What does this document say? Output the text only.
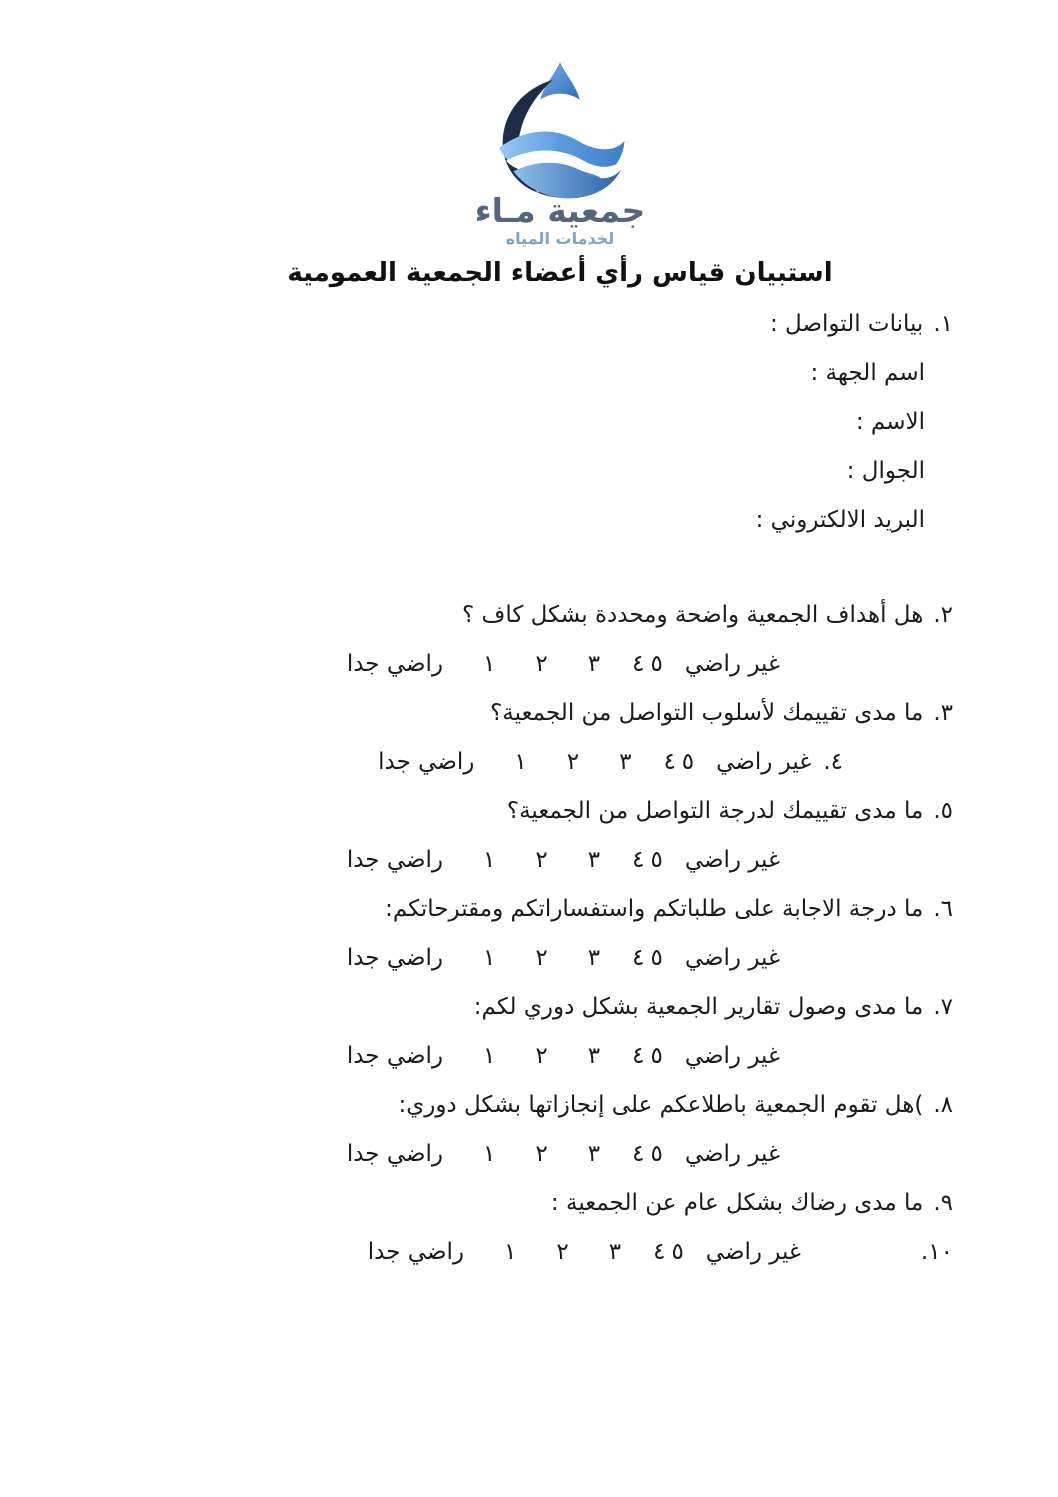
جمعية مـاء
لخدمات المياه
استبيان قياس رأي أعضاء الجمعية العمومية
١.بيانات التواصل :
اسم الجهة :
الاسم :
الجوال :
البريد الالكتروني :
٢.هل أهداف الجمعية واضحة ومحددة بشكل كاف ؟
غير راضي١ ٢ ٣ ٤ ٥راضي جدا
٣.ما مدى تقييمك لأسلوب التواصل من الجمعية؟
٤.غير راضي١ ٢ ٣ ٤ ٥راضي جدا
٥.ما مدى تقييمك لدرجة التواصل من الجمعية؟
غير راضي١ ٢ ٣ ٤ ٥راضي جدا
٦.ما درجة الاجابة على طلباتكم واستفساراتكم ومقترحاتكم:
غير راضي١ ٢ ٣ ٤ ٥راضي جدا
٧.ما مدى وصول تقارير الجمعية بشكل دوري لكم:
غير راضي١ ٢ ٣ ٤ ٥راضي جدا
٨.)هل تقوم الجمعية باطلاعكم على إنجازاتها بشكل دوري:
غير راضي١ ٢ ٣ ٤ ٥راضي جدا
٩.ما مدى رضاك بشكل عام عن الجمعية :
١٠.غير راضي١ ٢ ٣ ٤ ٥راضي جدا
